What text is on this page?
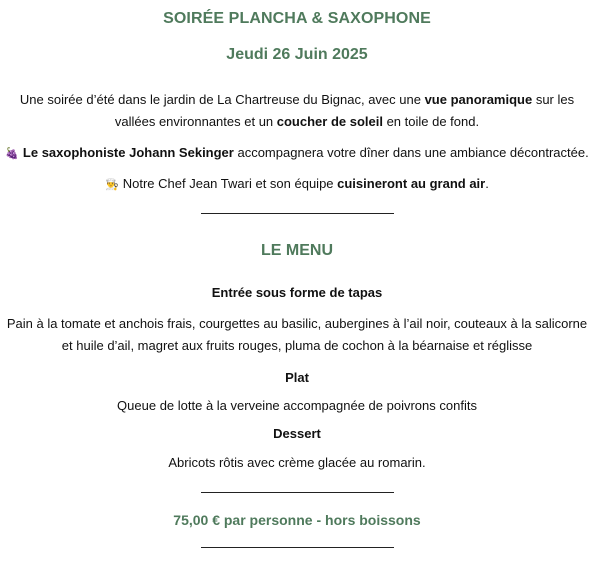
SOIRÉE PLANCHA & SAXOPHONE
Jeudi 26 Juin 2025

Une soirée d’été dans le jardin de La Chartreuse du Bignac, avec une vue panoramique sur les vallées environnantes et un coucher de soleil en toile de fond.

🍇 Le saxophoniste Johann Sekinger accompagnera votre dîner dans une ambiance décontractée.

👨‍🍳 Notre Chef Jean Twari et son équipe cuisineront au grand air.

LE MENU

Entrée sous forme de tapas

Pain à la tomate et anchois frais, courgettes au basilic, aubergines à l’ail noir, couteaux à la salicorne et huile d’ail, magret aux fruits rouges, pluma de cochon à la béarnaise et réglisse

Plat

Queue de lotte à la verveine accompagnée de poivrons confits

Dessert

Abricots rôtis avec crème glacée au romarin.

75,00 € par personne - hors boissons
